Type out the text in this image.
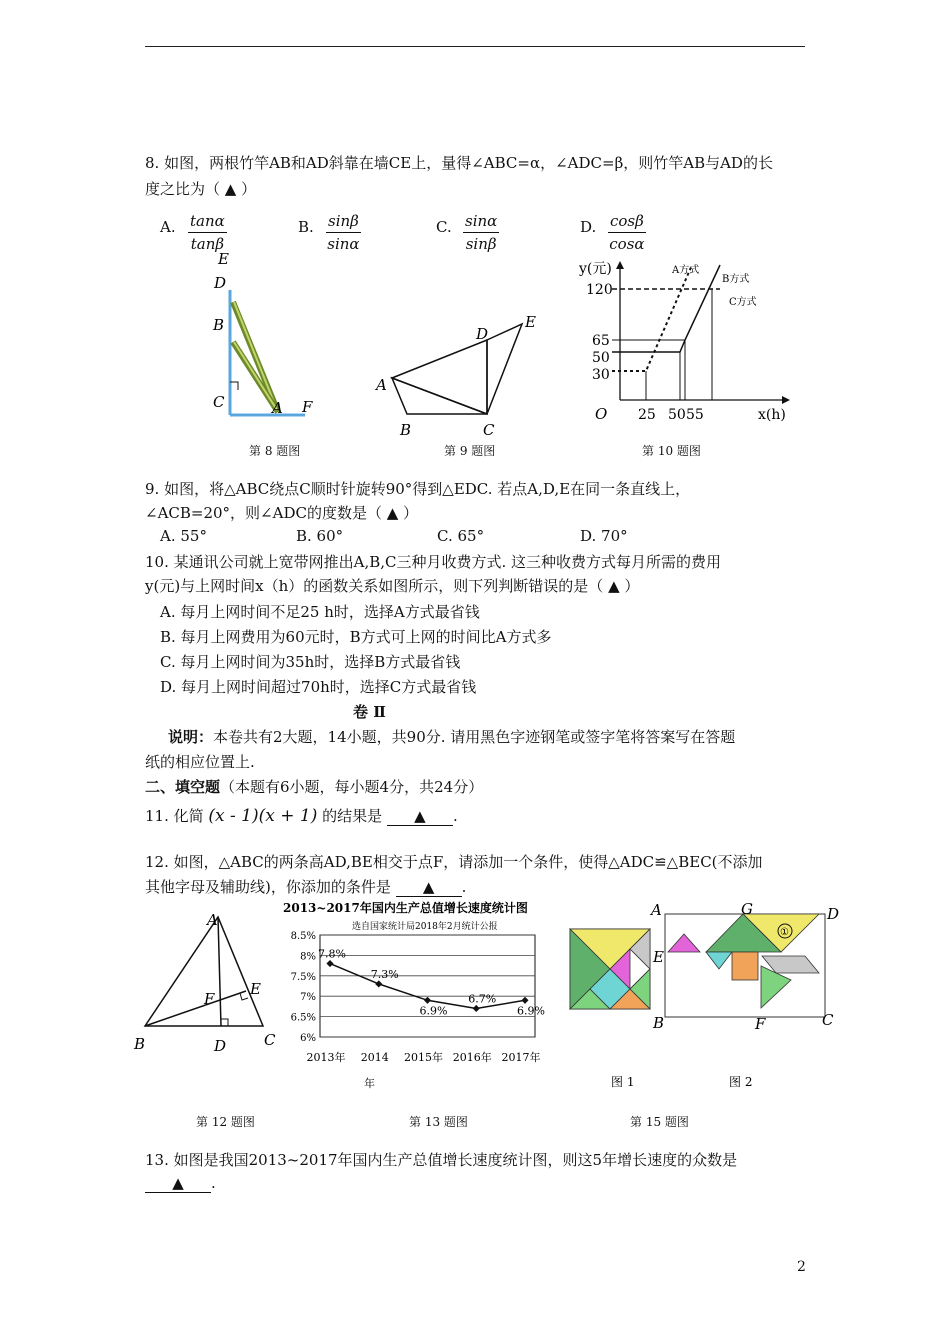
8. 如图，两根竹竿AB和AD斜靠在墙CE上，量得∠ABC=α，∠ADC=β，则竹竿AB与AD的长
度之比为（ ▲ ）
A. $\frac{\tan\alpha}{\tan\beta}$	B. $\frac{\sin\beta}{\sin\alpha}$	C. $\frac{\sin\alpha}{\sin\beta}$	D. $\frac{\cos\beta}{\cos\alpha}$
E
D
B
C	A F
第 8 题图
A
B	C
D
E
第 9 题图
y(元)
x(h)
O
120
65
50
30
25 50 55
A方式
B方式
C方式
第 10 题图
9. 如图，将△ABC绕点C顺时针旋转90°得到△EDC. 若点A,D,E在同一条直线上，
∠ACB=20°，则∠ADC的度数是（ ▲ ）
A. 55°	B. 60°	C. 65°	D. 70°
10. 某通讯公司就上宽带网推出A,B,C三种月收费方式. 这三种收费方式每月所需的费用
y(元)与上网时间x（h）的函数关系如图所示，则下列判断错误的是（ ▲ ）
A. 每月上网时间不足25 h时，选择A方式最省钱
B. 每月上网费用为60元时，B方式可上网的时间比A方式多
C. 每月上网时间为35h时，选择B方式最省钱
D. 每月上网时间超过70h时，选择C方式最省钱
卷 Ⅱ
说明：本卷共有2大题，14小题，共90分. 请用黑色字迹钢笔或签字笔将答案写在答题
纸的相应位置上.
二、填空题（本题有6小题，每小题4分，共24分）
11. 化简 (x - 1)(x + 1) 的结果是 ▲ .
12. 如图，△ABC的两条高AD,BE相交于点F，请添加一个条件，使得△ADC≌△BEC(不添加
其他字母及辅助线)，你添加的条件是 ▲ .
A
E
F
B	D	C
第 12 题图
2013~2017年国内生产总值增长速度统计图
选自国家统计局2018年2月统计公报
8.5%
8%
7.5%
7%
6.5%
6%
2013年 2014 2015年 2016年 2017年
7.8%
7.3%
6.9%
6.7%
6.9%
年
第 13 题图
①
A	G	D
E
B	F	C
图 1	图 2
第 15 题图
13. 如图是我国2013~2017年国内生产总值增长速度统计图，则这5年增长速度的众数是
▲ .
2
